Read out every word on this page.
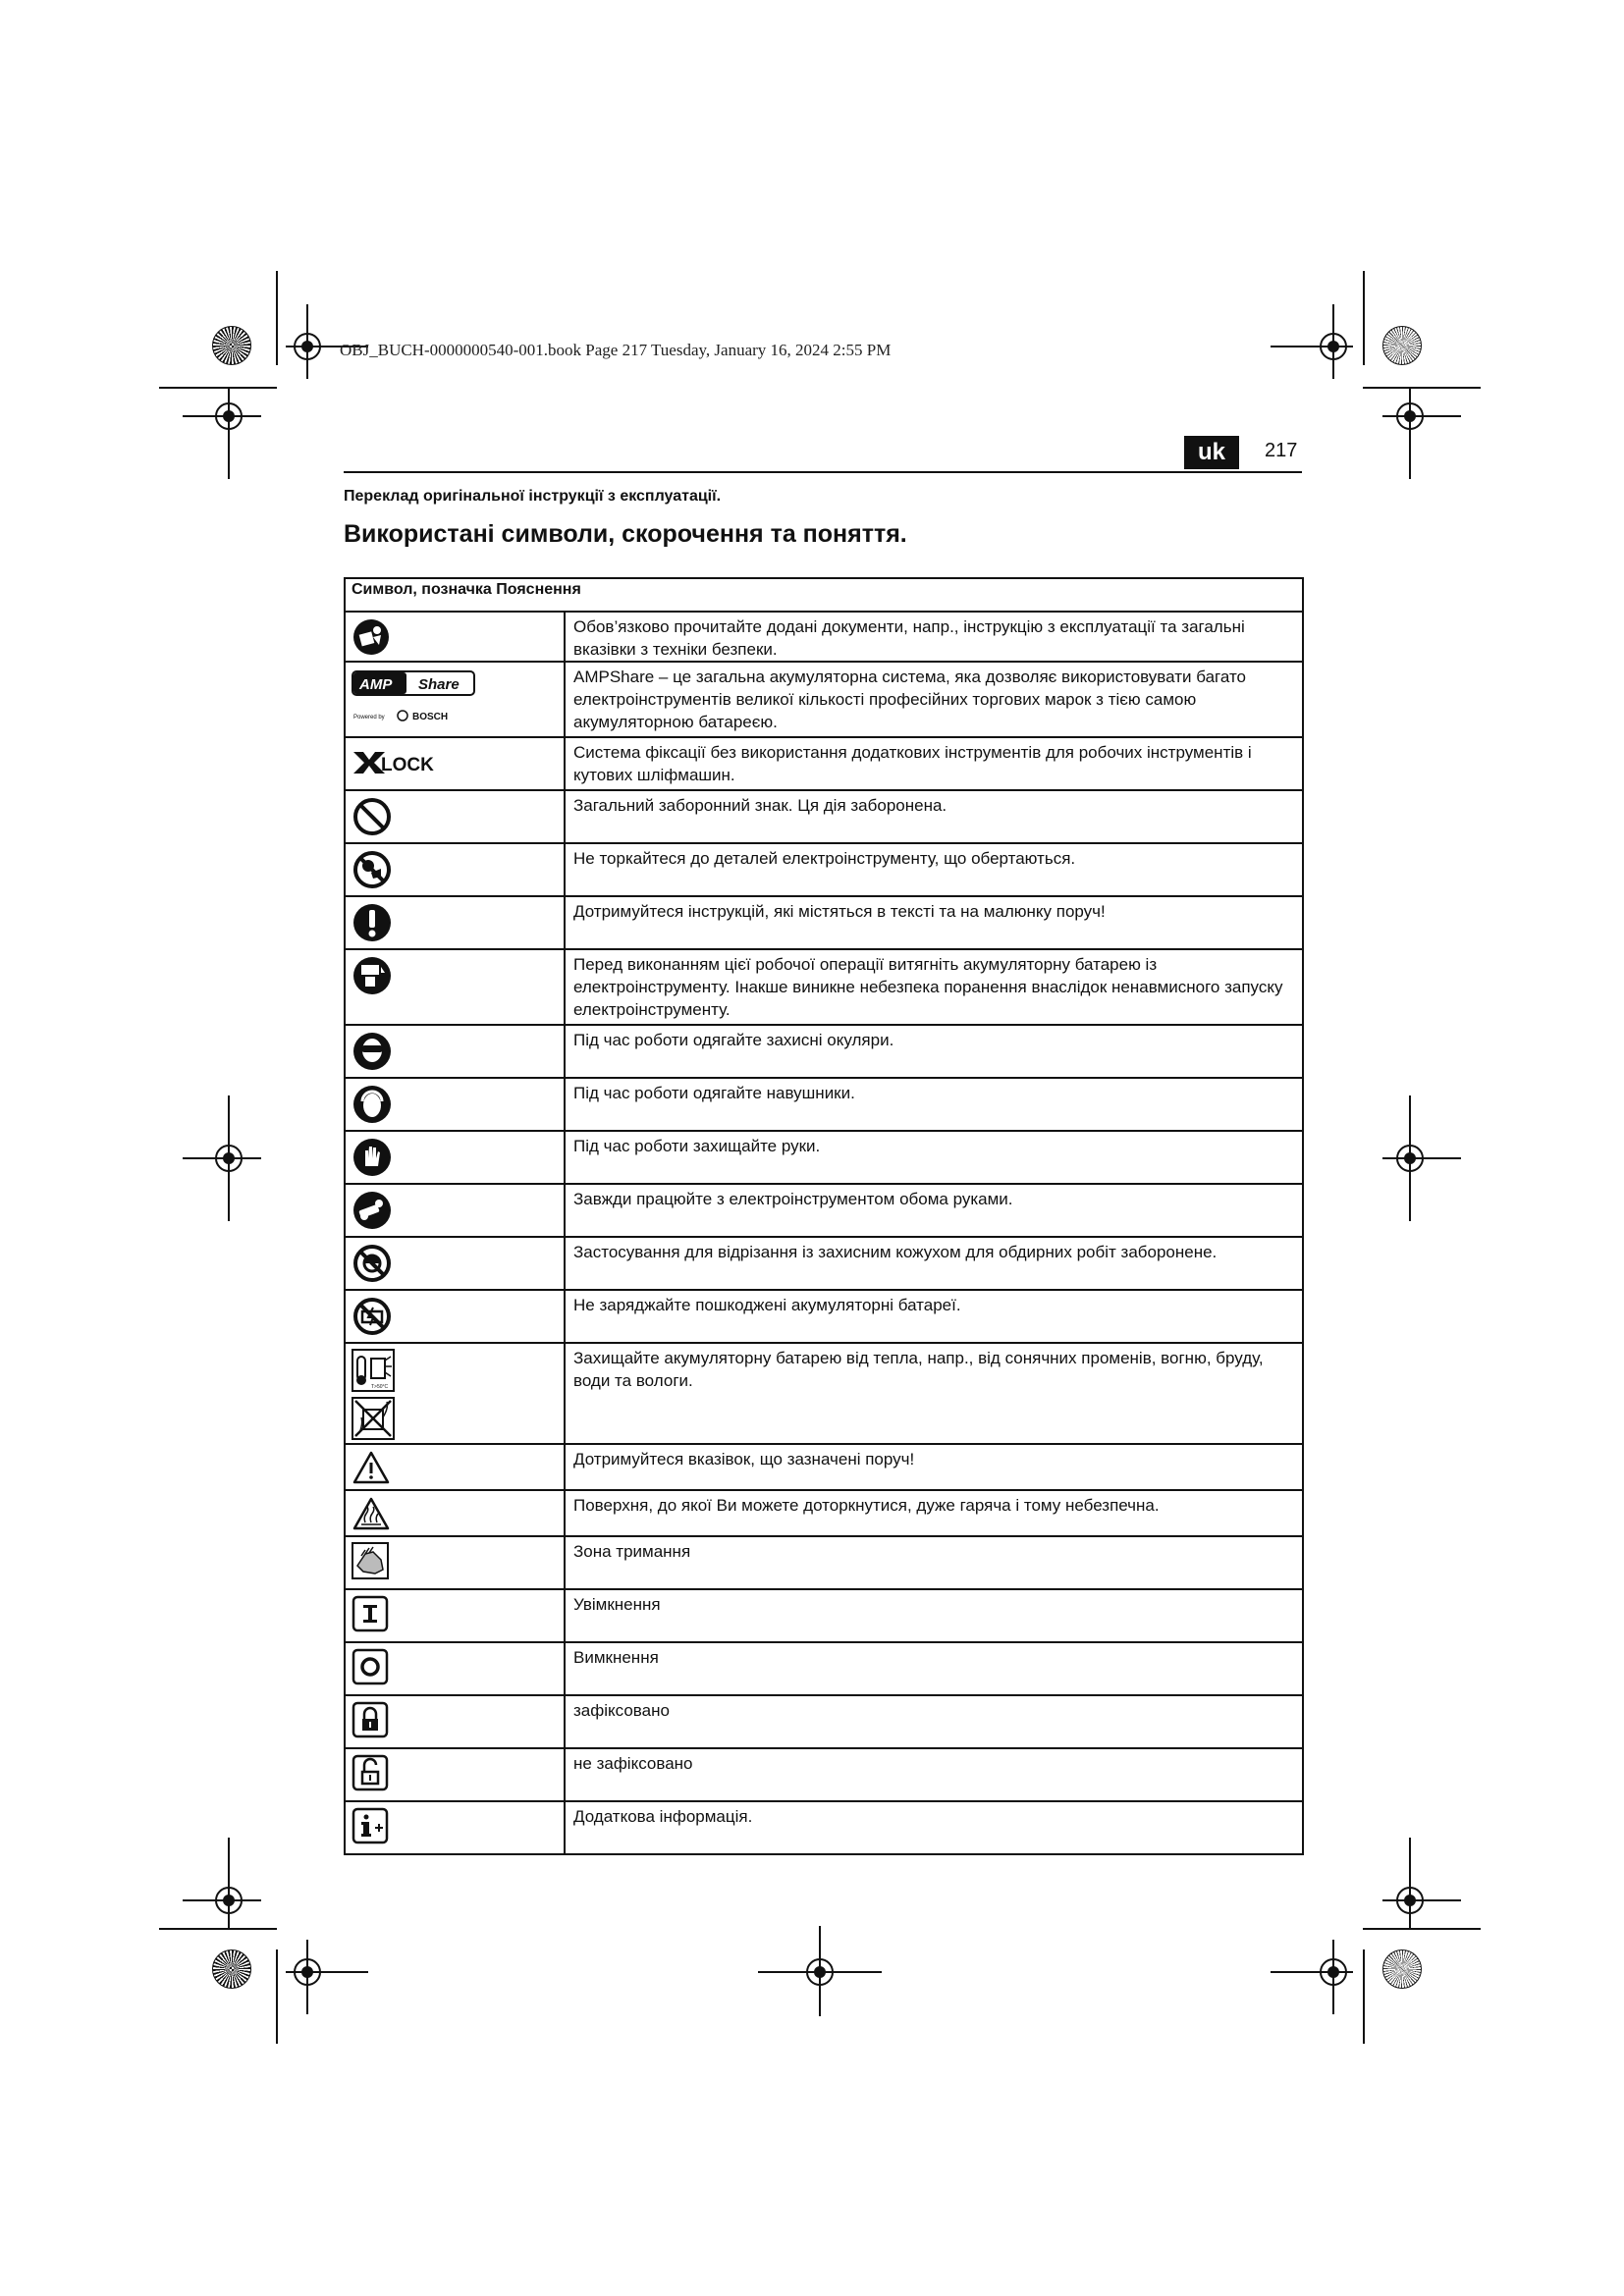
OBJ_BUCH-0000000540-001.book Page 217 Tuesday, January 16, 2024 2:55 PM
uk	217
Переклад оригінальної інструкції з експлуатації.
Використані символи, скорочення та поняття.
Символ, позначка Пояснення	

	Обов’язково прочитайте додані документи, напр., інструкцію з експлуатації та загальні вказівки з техніки безпеки.

AMP Share
Powered by BOSCH	AMPShare – це загальна акумуляторна система, яка дозволяє використовувати багато електроінструментів великої кількості професійних торгових марок з тією самою акумуляторною батареєю.

LOCK	Система фіксації без використання додаткових інструментів для робочих інструментів і кутових шліфмашин.

	Загальний заборонний знак. Ця дія заборонена.

	Не торкайтеся до деталей електроінструменту, що обертаються.

	Дотримуйтеся інструкцій, які містяться в тексті та на малюнку поруч!

	Перед виконанням цієї робочої операції витягніть акумуляторну батарею із електроінструменту. Інакше виникне небезпека поранення внаслідок ненавмисного запуску електроінструменту.

	Під час роботи одягайте захисні окуляри.

	Під час роботи одягайте навушники.

	Під час роботи захищайте руки.

	Завжди працюйте з електроінструментом обома руками.

	Застосування для відрізання із захисним кожухом для обдирних робіт заборонене.

	Не заряджайте пошкоджені акумуляторні батареї.

T>50°C	Захищайте акумуляторну батарею від тепла, напр., від сонячних променів, вогню, бруду, води та вологи.

	Дотримуйтеся вказівок, що зазначені поруч!

	Поверхня, до якої Ви можете доторкнутися, дуже гаряча і тому небезпечна.

	Зона тримання

	Увімкнення

	Вимкнення

	зафіксовано

	не зафіксовано

	Додаткова інформація.
